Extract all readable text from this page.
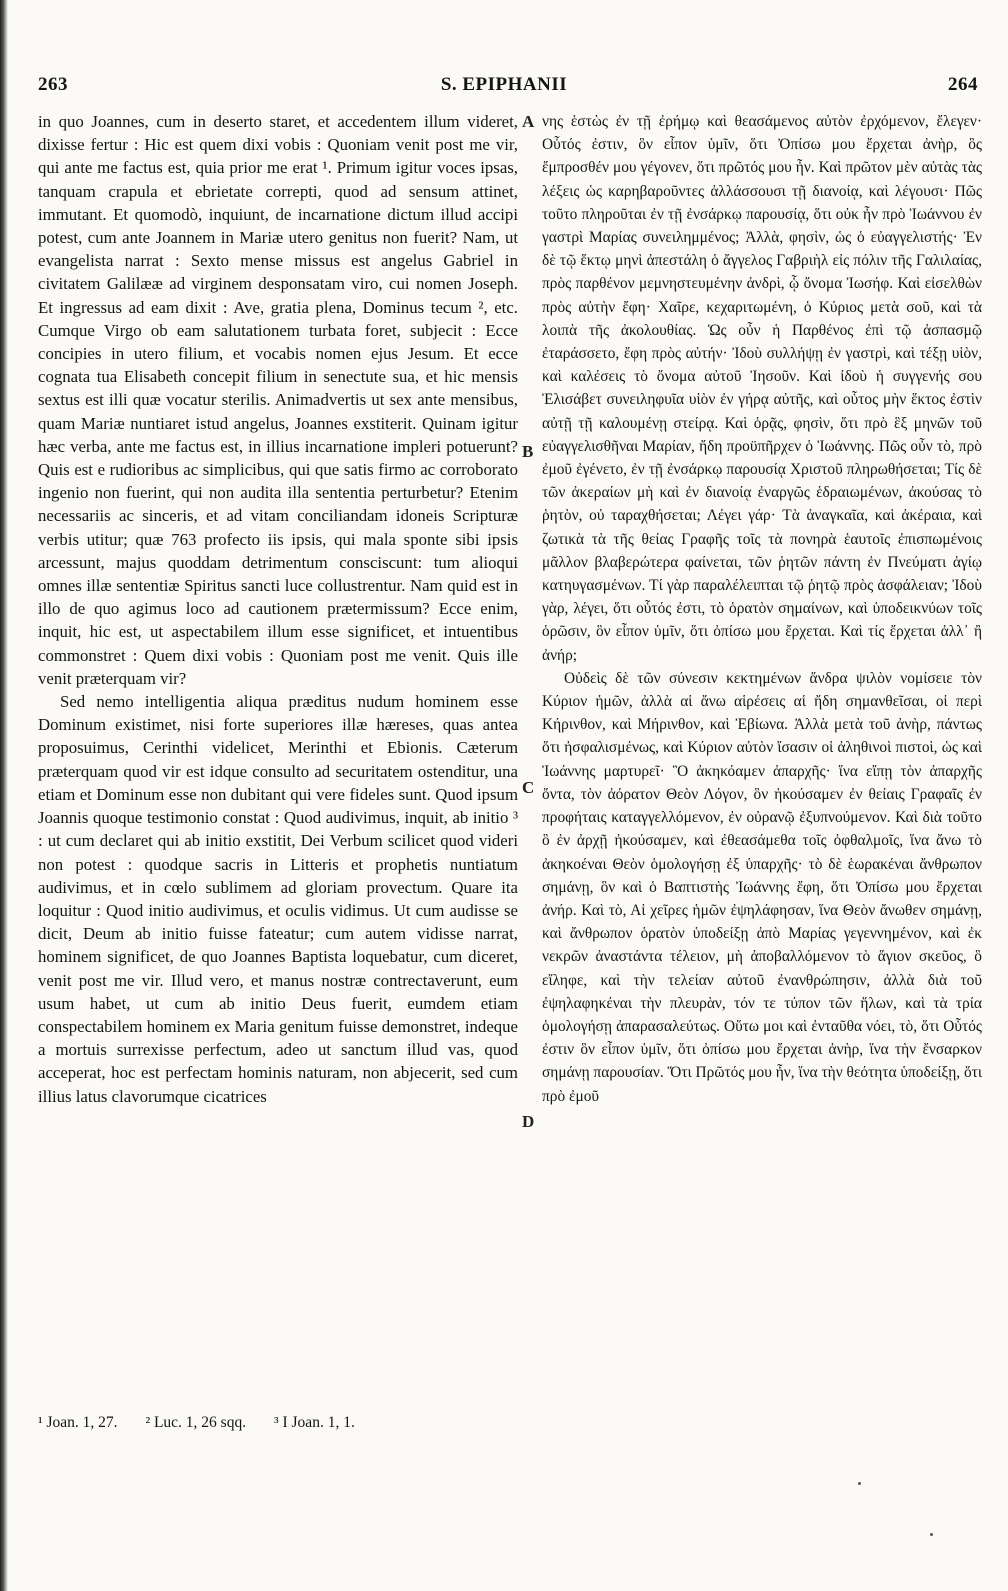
263	S. EPIPHANII	264

in quo Joannes, cum in deserto staret, et accedentem illum videret, dixisse fertur : Hic est quem dixi vobis : Quoniam venit post me vir, qui ante me factus est, quia prior me erat ¹. Primum igitur voces ipsas, tanquam crapula et ebrietate correpti, quod ad sensum attinet, immutant. Et quomodò, inquiunt, de incarnatione dictum illud accipi potest, cum ante Joannem in Mariæ utero genitus non fuerit? Nam, ut evangelista narrat : Sexto mense missus est angelus Gabriel in civitatem Galilææ ad virginem desponsatam viro, cui nomen Joseph. Et ingressus ad eam dixit : Ave, gratia plena, Dominus tecum ², etc. Cumque Virgo ob eam salutationem turbata foret, subjecit : Ecce concipies in utero filium, et vocabis nomen ejus Jesum. Et ecce cognata tua Elisabeth concepit filium in senectute sua, et hic mensis sextus est illi quæ vocatur sterilis. Animadvertis ut sex ante mensibus, quam Mariæ nuntiaret istud angelus, Joannes exstiterit. Quinam igitur hæc verba, ante me factus est, in illius incarnatione impleri potuerunt? Quis est e rudioribus ac simplicibus, qui que satis firmo ac corroborato ingenio non fuerint, qui non audita illa sententia perturbetur? Etenim necessariis ac sinceris, et ad vitam conciliandam idoneis Scripturæ verbis utitur; quæ 763 profecto iis ipsis, qui mala sponte sibi ipsis arcessunt, majus quoddam detrimentum consciscunt: tum alioqui omnes illæ sententiæ Spiritus sancti luce collustrentur. Nam quid est in illo de quo agimus loco ad cautionem prætermissum? Ecce enim, inquit, hic est, ut aspectabilem illum esse significet, et intuentibus commonstret : Quem dixi vobis : Quoniam post me venit. Quis ille venit præterquam vir?

Sed nemo intelligentia aliqua præditus nudum hominem esse Dominum existimet, nisi forte superiores illæ hæreses, quas antea proposuimus, Cerinthi videlicet, Merinthi et Ebionis. Cæterum præterquam quod vir est idque consulto ad securitatem ostenditur, una etiam et Dominum esse non dubitant qui vere fideles sunt. Quod ipsum Joannis quoque testimonio constat : Quod audivimus, inquit, ab initio ³ : ut cum declaret qui ab initio exstitit, Dei Verbum scilicet quod videri non potest : quodque sacris in Litteris et prophetis nuntiatum audivimus, et in cœlo sublimem ad gloriam provectum. Quare ita loquitur : Quod initio audivimus, et oculis vidimus. Ut cum audisse se dicit, Deum ab initio fuisse fateatur; cum autem vidisse narrat, hominem significet, de quo Joannes Baptista loquebatur, cum diceret, venit post me vir. Illud vero, et manus nostræ contrectaverunt, eum usum habet, ut cum ab initio Deus fuerit, eumdem etiam conspectabilem hominem ex Maria genitum fuisse demonstret, indeque a mortuis surrexisse perfectum, adeo ut sanctum illud vas, quod acceperat, hoc est perfectam hominis naturam, non abjecerit, sed cum illius latus clavorumque cicatrices

A
B
C
D

νης ἑστὼς ἐν τῇ ἐρήμῳ καὶ θεασάμενος αὐτὸν ἐρχόμενον, ἔλεγεν· Οὗτός ἐστιν, ὃν εἶπον ὑμῖν, ὅτι Ὀπίσω μου ἔρχεται ἀνὴρ, ὃς ἔμπροσθέν μου γέγονεν, ὅτι πρῶτός μου ἦν. Καὶ πρῶτον μὲν αὐτὰς τὰς λέξεις ὡς καρηβαροῦντες ἀλλάσσουσι τῇ διανοίᾳ, καὶ λέγουσι· Πῶς τοῦτο πληροῦται ἐν τῇ ἐνσάρκῳ παρουσίᾳ, ὅτι οὐκ ἦν πρὸ Ἰωάννου ἐν γαστρὶ Μαρίας συνειλημμένος; Ἀλλὰ, φησὶν, ὡς ὁ εὐαγγελιστής· Ἐν δὲ τῷ ἕκτῳ μηνὶ ἀπεστάλη ὁ ἄγγελος Γαβριὴλ εἰς πόλιν τῆς Γαλιλαίας, πρὸς παρθένον μεμνηστευμένην ἀνδρὶ, ᾧ ὄνομα Ἰωσήφ. Καὶ εἰσελθὼν πρὸς αὐτὴν ἔφη· Χαῖρε, κεχαριτωμένη, ὁ Κύριος μετὰ σοῦ, καὶ τὰ λοιπὰ τῆς ἀκολουθίας. Ὡς οὖν ἡ Παρθένος ἐπὶ τῷ ἀσπασμῷ ἐταράσσετο, ἔφη πρὸς αὐτήν· Ἰδοὺ συλλήψῃ ἐν γαστρὶ, καὶ τέξῃ υἱὸν, καὶ καλέσεις τὸ ὄνομα αὐτοῦ Ἰησοῦν. Καὶ ἰδοὺ ἡ συγγενής σου Ἐλισάβετ συνειληφυῖα υἱὸν ἐν γήρᾳ αὐτῆς, καὶ οὗτος μὴν ἕκτος ἐστὶν αὐτῇ τῇ καλουμένῃ στείρᾳ. Καὶ ὁρᾷς, φησὶν, ὅτι πρὸ ἓξ μηνῶν τοῦ εὐαγγελισθῆναι Μαρίαν, ἤδη προϋπῆρχεν ὁ Ἰωάννης. Πῶς οὖν τὸ, πρὸ ἐμοῦ ἐγένετο, ἐν τῇ ἐνσάρκῳ παρουσίᾳ Χριστοῦ πληρωθήσεται; Τίς δὲ τῶν ἀκεραίων μὴ καὶ ἐν διανοίᾳ ἐναργῶς ἑδραιωμένων, ἀκούσας τὸ ῥητὸν, οὐ ταραχθήσεται; Λέγει γάρ· Τὰ ἀναγκαῖα, καὶ ἀκέραια, καὶ ζωτικὰ τὰ τῆς θείας Γραφῆς τοῖς τὰ πονηρὰ ἑαυτοῖς ἐπισπωμένοις μᾶλλον βλαβερώτερα φαίνεται, τῶν ῥητῶν πάντη ἐν Πνεύματι ἁγίῳ κατηυγασμένων. Τί γὰρ παραλέλειπται τῷ ῥητῷ πρὸς ἀσφάλειαν; Ἰδοὺ γὰρ, λέγει, ὅτι οὗτός ἐστι, τὸ ὁρατὸν σημαίνων, καὶ ὑποδεικνύων τοῖς ὁρῶσιν, ὃν εἶπον ὑμῖν, ὅτι ὀπίσω μου ἔρχεται. Καὶ τίς ἔρχεται ἀλλ᾽ ἢ ἀνήρ;

Οὐδεὶς δὲ τῶν σύνεσιν κεκτημένων ἄνδρα ψιλὸν νομίσειε τὸν Κύριον ἡμῶν, ἀλλὰ αἱ ἄνω αἱρέσεις αἱ ἤδη σημανθεῖσαι, οἱ περὶ Κήρινθον, καὶ Μήρινθον, καὶ Ἐβίωνα. Ἀλλὰ μετὰ τοῦ ἀνὴρ, πάντως ὅτι ἠσφαλισμένως, καὶ Κύριον αὐτὸν ἴσασιν οἱ ἀληθινοὶ πιστοὶ, ὡς καὶ Ἰωάννης μαρτυρεῖ· Ὃ ἀκηκόαμεν ἀπαρχῆς· ἵνα εἴπῃ τὸν ἀπαρχῆς ὄντα, τὸν ἀόρατον Θεὸν Λόγον, ὃν ἠκούσαμεν ἐν θείαις Γραφαῖς ἐν προφήταις καταγγελλόμενον, ἐν οὐρανῷ ἐξυπνούμενον. Καὶ διὰ τοῦτο ὃ ἐν ἀρχῇ ἠκούσαμεν, καὶ ἐθεασάμεθα τοῖς ὀφθαλμοῖς, ἵνα ἄνω τὸ ἀκηκοέναι Θεὸν ὁμολογήσῃ ἐξ ὑπαρχῆς· τὸ δὲ ἑωρακέναι ἄνθρωπον σημάνῃ, ὃν καὶ ὁ Βαπτιστὴς Ἰωάννης ἔφη, ὅτι Ὀπίσω μου ἔρχεται ἀνήρ. Καὶ τὸ, Αἱ χεῖρες ἡμῶν ἐψηλάφησαν, ἵνα Θεὸν ἄνωθεν σημάνῃ, καὶ ἄνθρωπον ὁρατὸν ὑποδείξῃ ἀπὸ Μαρίας γεγεννημένον, καὶ ἐκ νεκρῶν ἀναστάντα τέλειον, μὴ ἀποβαλλόμενον τὸ ἅγιον σκεῦος, ὃ εἴληφε, καὶ τὴν τελείαν αὐτοῦ ἐνανθρώπησιν, ἀλλὰ διὰ τοῦ ἐψηλαφηκέναι τὴν πλευρὰν, τόν τε τύπον τῶν ἥλων, καὶ τὰ τρία ὁμολογήσῃ ἀπαρασαλεύτως. Οὕτω μοι καὶ ἐνταῦθα νόει, τὸ, ὅτι Οὗτός ἐστιν ὃν εἶπον ὑμῖν, ὅτι ὀπίσω μου ἔρχεται ἀνὴρ, ἵνα τὴν ἔνσαρκον σημάνῃ παρουσίαν. Ὅτι Πρῶτός μου ἦν, ἵνα τὴν θεότητα ὑποδείξῃ, ὅτι πρὸ ἐμοῦ

¹ Joan. 1, 27. ² Luc. 1, 26 sqq. ³ I Joan. 1, 1.
